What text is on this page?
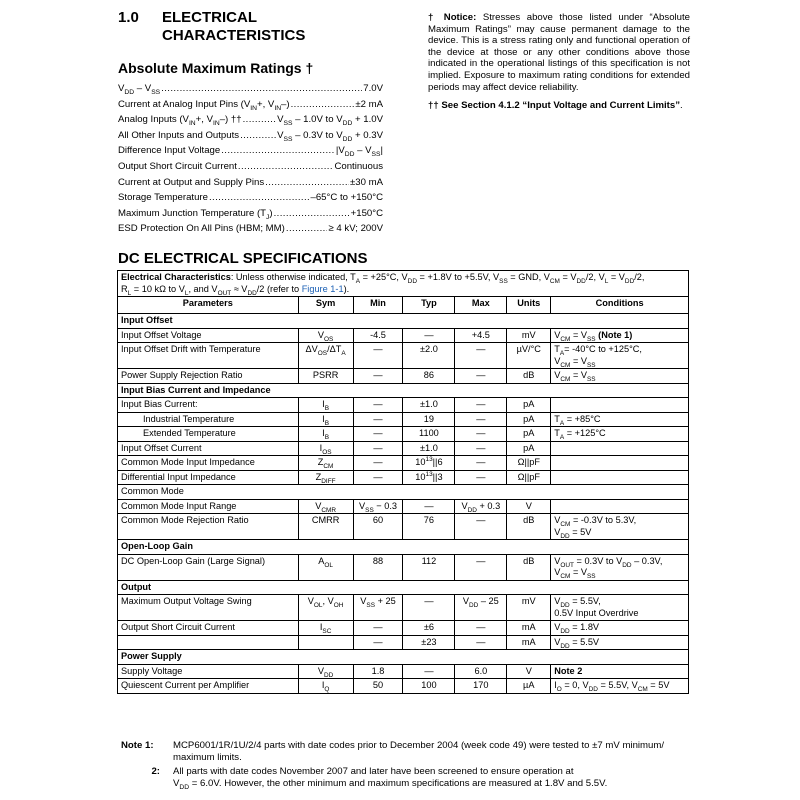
1.0 ELECTRICAL
CHARACTERISTICS
Absolute Maximum Ratings †
$V_{DD} - V_{SS}$ .....	7.0V
Current at Analog Input Pins ($V_{IN}+$, $V_{IN}-$) .....	±2 mA
Analog Inputs ($V_{IN}+$, $V_{IN}-$) †† .....	$V_{SS} - 1.0V$ to $V_{DD} + 1.0V$
All Other Inputs and Outputs .....	$V_{SS} - 0.3V$ to $V_{DD} + 0.3V$
Difference Input Voltage .....	$|V_{DD} - V_{SS}|$
Output Short Circuit Current .....	Continuous
Current at Output and Supply Pins .....	±30 mA
Storage Temperature .....	–65°C to +150°C
Maximum Junction Temperature $(T_J)$ .....	+150°C
ESD Protection On All Pins (HBM; MM) .....	≥ 4 kV; 200V
† Notice: Stresses above those listed under “Absolute Maximum Ratings” may cause permanent damage to the device. This is a stress rating only and functional operation of the device at those or any other conditions above those indicated in the operational listings of this specification is not implied. Exposure to maximum rating conditions for extended periods may affect device reliability.
†† See Section 4.1.2 “Input Voltage and Current Limits”.
DC ELECTRICAL SPECIFICATIONS
Electrical Characteristics: Unless otherwise indicated, $T_A = +25^\circ C$, $V_{DD} = +1.8V$ to +5.5V, $V_{SS}$ = GND, $V_{CM} = V_{DD}/2$, $V_L = V_{DD}/2$,
$R_L = 10$ kΩ to $V_L$, and $V_{OUT} \approx V_{DD}/2$ (refer to Figure 1-1).						
Parameters	Sym	Min	Typ	Max	Units	Conditions
Input Offset						
Input Offset Voltage	$V_{OS}$	-4.5	—	+4.5	mV	$V_{CM} = V_{SS}$ (Note 1)
Input Offset Drift with Temperature	$\Delta V_{OS}/\Delta T_A$	—	±2.0	—	µV/°C	$T_A= -40^\circ C$ to +125°C,
$V_{CM} = V_{SS}$
Power Supply Rejection Ratio	PSRR	—	86	—	dB	$V_{CM} = V_{SS}$
Input Bias Current and Impedance						
Input Bias Current:	$I_B$	—	±1.0	—	pA	
Industrial Temperature	$I_B$	—	19	—	pA	$T_A = +85^\circ C$
Extended Temperature	$I_B$	—	1100	—	pA	$T_A = +125^\circ C$
Input Offset Current	$I_{OS}$	—	±1.0	—	pA	
Common Mode Input Impedance	$Z_{CM}$	—	$10^{13}||6$	—	Ω||pF	
Differential Input Impedance	$Z_{DIFF}$	—	$10^{13}||3$	—	Ω||pF	
Common Mode						
Common Mode Input Range	$V_{CMR}$	$V_{SS} - 0.3$	—	$V_{DD} + 0.3$	V	
Common Mode Rejection Ratio	CMRR	60	76	—	dB	$V_{CM} = -0.3V$ to 5.3V,
$V_{DD} = 5V$
Open-Loop Gain						
DC Open-Loop Gain (Large Signal)	$A_{OL}$	88	112	—	dB	$V_{OUT} = 0.3V$ to $V_{DD} - 0.3V$,
$V_{CM} = V_{SS}$
Output						
Maximum Output Voltage Swing	$V_{OL}$, $V_{OH}$	$V_{SS} + 25$	—	$V_{DD} - 25$	mV	$V_{DD} = 5.5V$,
0.5V Input Overdrive
Output Short Circuit Current	$I_{SC}$	—	±6	—	mA	$V_{DD} = 1.8V$
		—	±23	—	mA	$V_{DD} = 5.5V$
Power Supply						
Supply Voltage	$V_{DD}$	1.8	—	6.0	V	Note 2
Quiescent Current per Amplifier	$I_Q$	50	100	170	µA	$I_O = 0$, $V_{DD} = 5.5V$, $V_{CM} = 5V$
Note 1:	MCP6001/1R/1U/2/4 parts with date codes prior to December 2004 (week code 49) were tested to ±7 mV minimum/
maximum limits.
2:	All parts with date codes November 2007 and later have been screened to ensure operation at
$V_{DD} = 6.0V$. However, the other minimum and maximum specifications are measured at 1.8V and 5.5V.
